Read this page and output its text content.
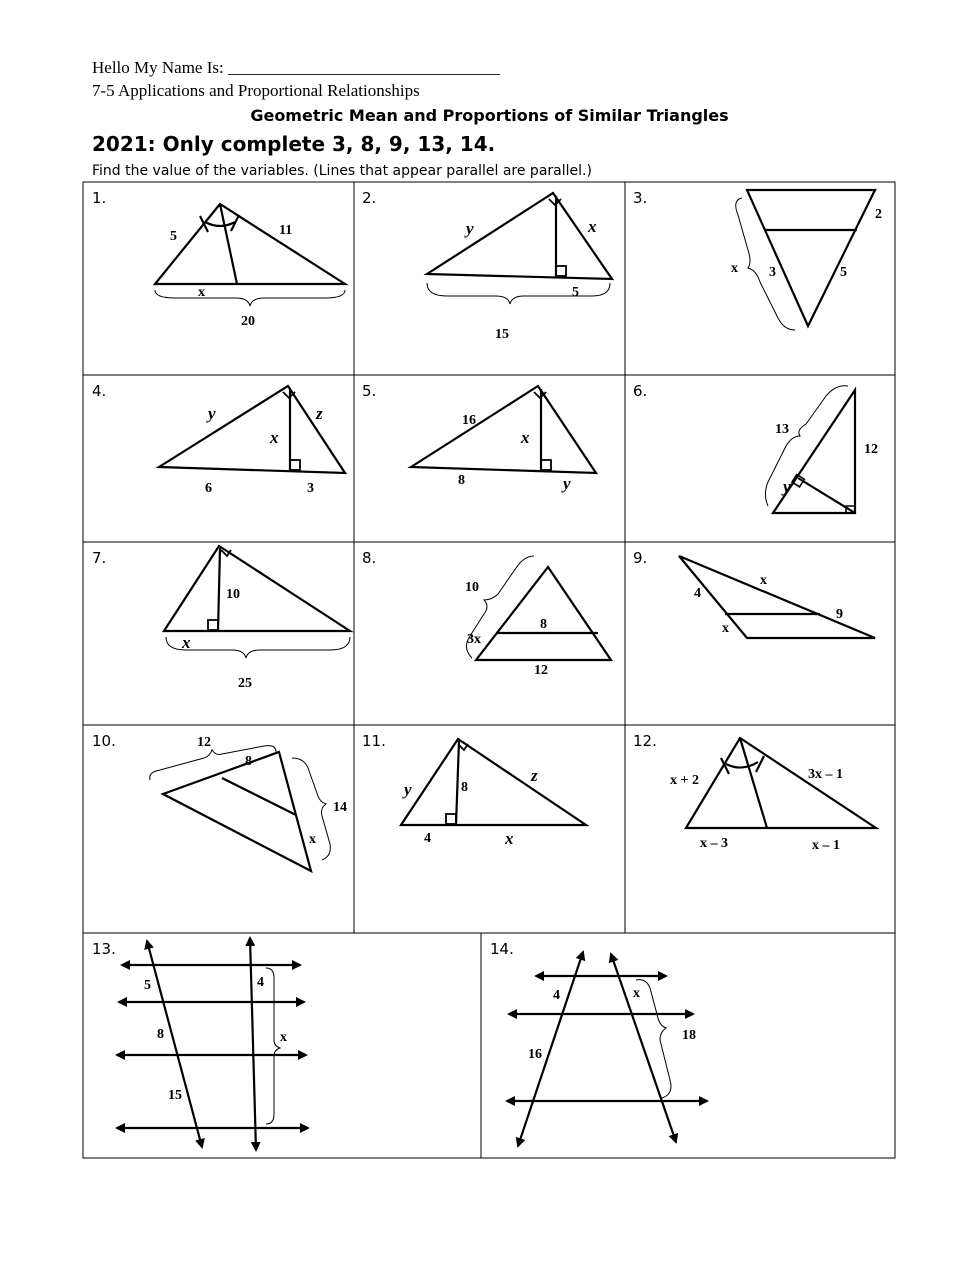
Hello My Name Is: ________________________________
7-5 Applications and Proportional Relationships
Geometric Mean and Proportions of Similar Triangles
2021: Only complete 3, 8, 9, 13, 14.
Find the value of the variables. (Lines that appear parallel are parallel.)
1.
5	11
x
20
2.
y	x
5
15
3.
2
x 3	5
4.
y	z
x
6	3
5.
16
x
8	y
6.
13
12
y
7.
10
x
25
8.
10
8
3x
12
9.
x
4
9
x
10.	12
8
14
x
11.
8
z
y
4	x
12.
x + 2	3x – 1
x – 3	x – 1
13.
5	4
8	x
15
14.
4	x
18
16
